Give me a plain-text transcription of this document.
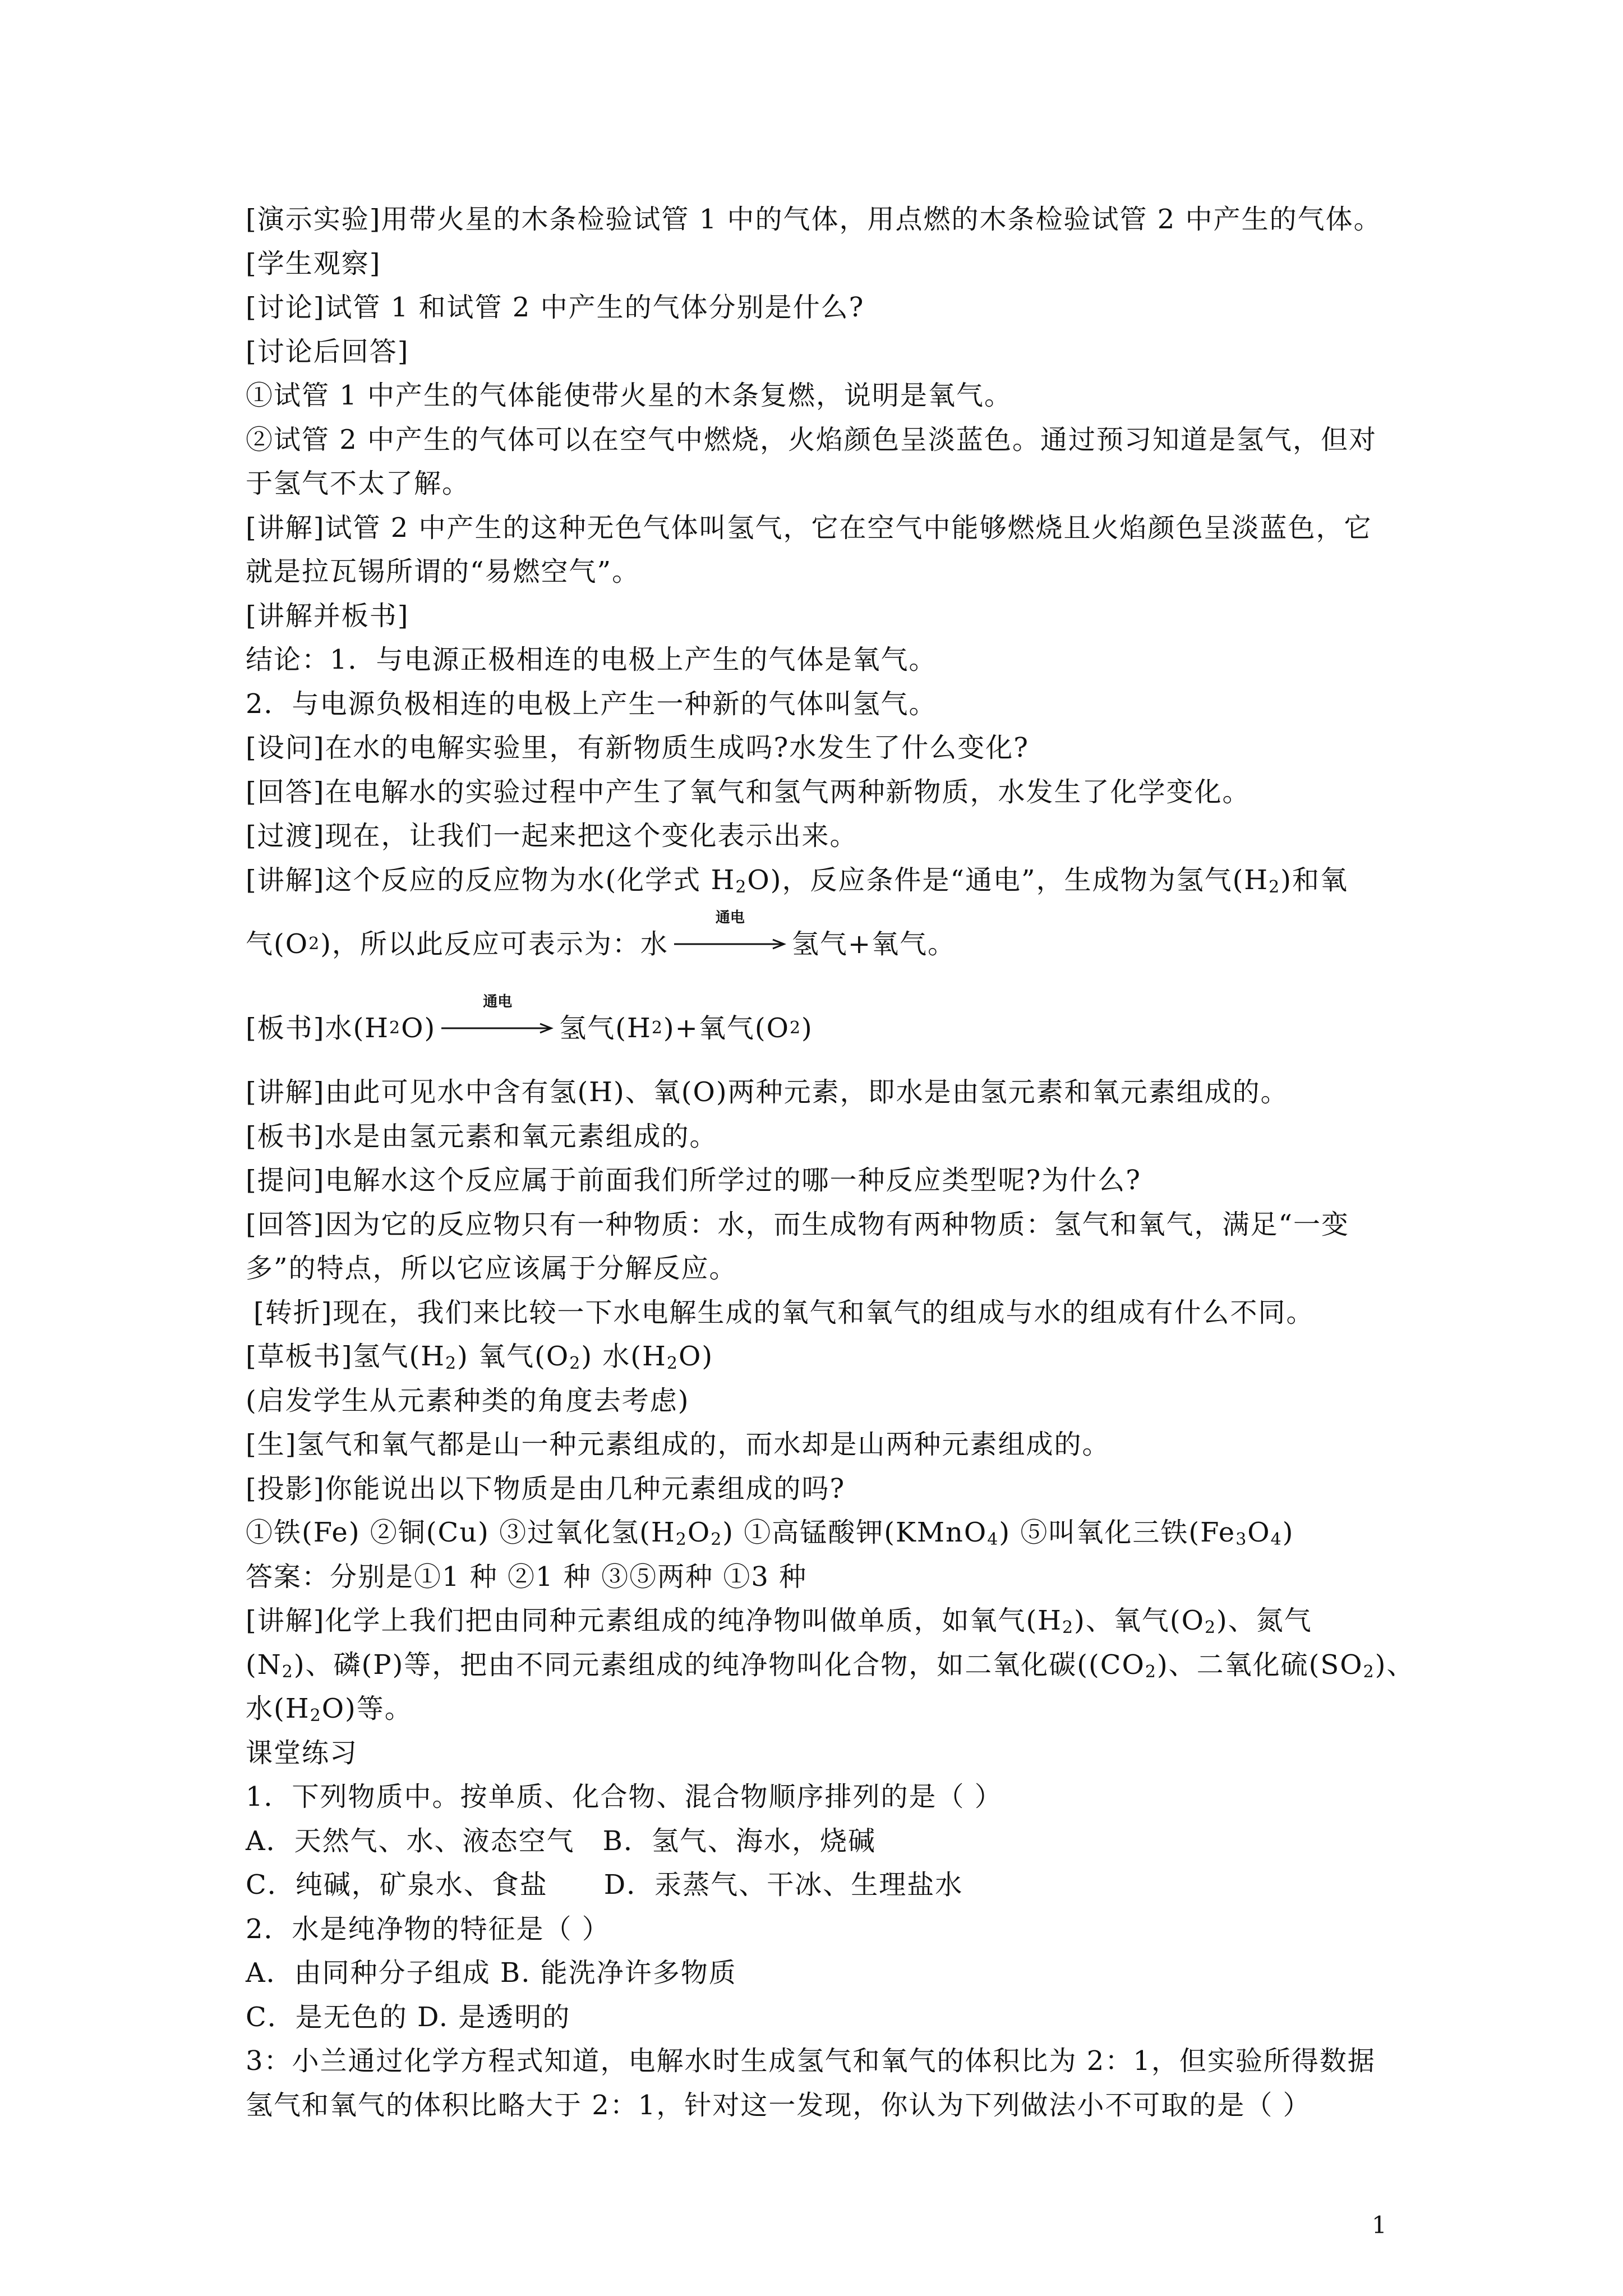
[演示实验]用带火星的木条检验试管 1 中的气体，用点燃的木条检验试管 2 中产生的气体。
[学生观察]
[讨论]试管 1 和试管 2 中产生的气体分别是什么?
[讨论后回答]
①试管 1 中产生的气体能使带火星的木条复燃，说明是氧气。
②试管 2 中产生的气体可以在空气中燃烧，火焰颜色呈淡蓝色。通过预习知道是氢气，但对
于氢气不太了解。
[讲解]试管 2 中产生的这种无色气体叫氢气，它在空气中能够燃烧且火焰颜色呈淡蓝色，它
就是拉瓦锡所谓的“易燃空气”。
[讲解并板书]
结论：1．与电源正极相连的电极上产生的气体是氧气。
2．与电源负极相连的电极上产生一种新的气体叫氢气。
[设问]在水的电解实验里，有新物质生成吗?水发生了什么变化?
[回答]在电解水的实验过程中产生了氧气和氢气两种新物质，水发生了化学变化。
[过渡]现在，让我们一起来把这个变化表示出来。
[讲解]这个反应的反应物为水(化学式 $H_2O$)，反应条件是“通电”，生成物为氢气$(H_2)$和氧
气(O 2 )，所以此反应可表示为：水
通电
氢气+氧气。
[板书]水(H 2 O)
通电
氢气(H 2 )+氧气(O 2 )
[讲解]由此可见水中含有氢(H)、氧(O)两种元素，即水是由氢元素和氧元素组成的。
[板书]水是由氢元素和氧元素组成的。
[提问]电解水这个反应属于前面我们所学过的哪一种反应类型呢?为什么?
[回答]因为它的反应物只有一种物质：水，而生成物有两种物质：氢气和氧气，满足“一变
多”的特点，所以它应该属于分解反应。
[转折]现在，我们来比较一下水电解生成的氧气和氧气的组成与水的组成有什么不同。
[草板书]氢气$(H_2)$ 氧气$(O_2)$ 水$(H_2O)$
(启发学生从元素种类的角度去考虑)
[生]氢气和氧气都是山一种元素组成的，而水却是山两种元素组成的。
[投影]你能说出以下物质是由几种元素组成的吗?
①铁(Fe) ②铜(Cu) ③过氧化氢$(H_2O_2)$ ①高锰酸钾(KMnO$_4$) ⑤叫氧化三铁$(Fe_3O_4)$
答案：分别是①1 种 ②1 种 ③⑤两种 ①3 种
[讲解]化学上我们把由同种元素组成的纯净物叫做单质，如氧气$(H_2)$、氧气$(O_2)$、氮气
$(N_2)$、磷(P)等，把由不同元素组成的纯净物叫化合物，如二氧化碳($(CO_2)$、二氧化硫$(SO_2)$、
水$(H_2O)$等。
课堂练习
1．下列物质中。按单质、化合物、混合物顺序排列的是（ ）
A．天然气、水、液态空气　B．氢气、海水，烧碱
C．纯碱，矿泉水、食盐　　D．汞蒸气、干冰、生理盐水
2．水是纯净物的特征是（ ）
A．由同种分子组成 B. 能洗净许多物质
C．是无色的 D. 是透明的
3：小兰通过化学方程式知道，电解水时生成氢气和氧气的体积比为 2：1，但实验所得数据
氢气和氧气的体积比略大于 2：1，针对这一发现，你认为下列做法小不可取的是（ ）
1
